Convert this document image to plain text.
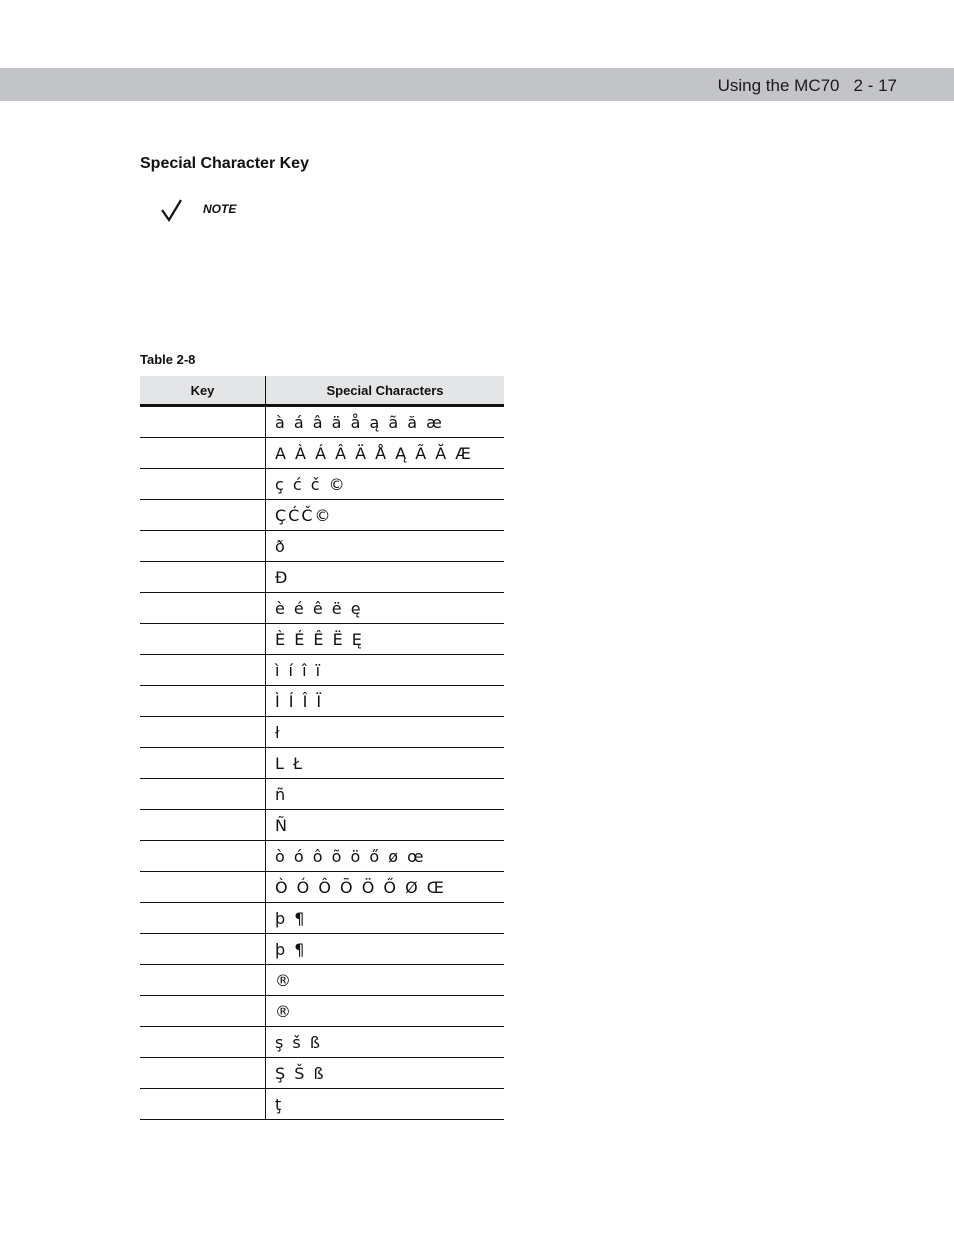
Using the MC70 2 - 17
Special Character Key
NOTE
Table 2-8
Key	Special Characters
	à á â ä å ą ã ă æ
	A À Á Â Ä Å Ą Ã Ă Æ
	ç ć č ©
	ÇĆČ©
	ð
	Ð
	è é ê ë ę
	È É Ê Ë Ę
	ì í î ï
	Ì Í Î Ï
	ł
	L Ł
	ñ
	Ñ
	ò ó ô õ ö ő ø œ
	Ò Ó Ô Õ Ö Ő Ø Œ
	þ ¶
	þ ¶
	®
	®
	ş š ß
	Ş Š ß
	ţ
